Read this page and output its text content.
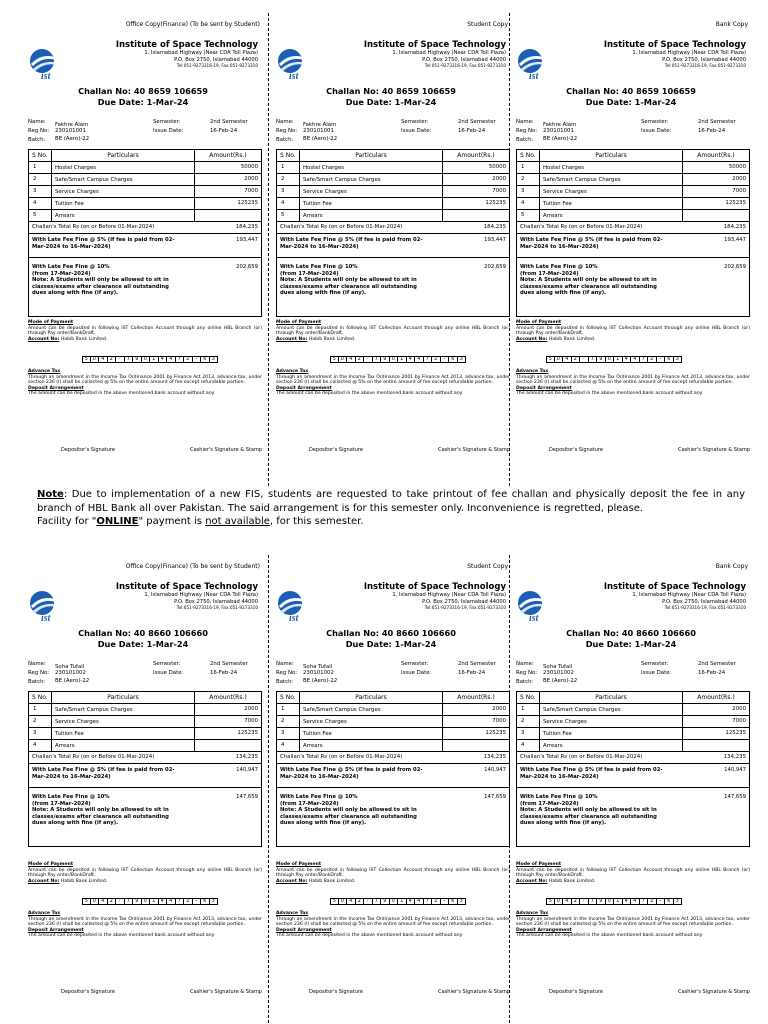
Office Copy(Finance) (To be sent by Student)
ist
Institute of Space Technology
1, Islamabad Highway (Near CDA Toll Plaza)
P.O. Box 2750, Islamabad 44000
Tel:051-9273316-19, Fax:051-9273310
Challan No: 40 8659 106659
Due Date: 1-Mar-24
Name: Fakhre Alam
Reg No: 230101001
Batch: BE (Aero)-22
Semester:	2nd Semester
Issue Date:	16-Feb-24
S No.	Particulars	Amount(Rs.)
1	Hostel Charges	50000
2	Safe/Smart Campus Charges	2000
3	Service Charges	7000
4	Tuition Fee	125235
5	Arrears
Challan's Total Rs (on or Before 01-Mar-2024)	184,235
With Late Fee Fine @ 5% (if fee is paid from 02-Mar-2024 to 16-Mar-2024)
193,447
With Late Fee Fine @ 10% (from 17-Mar-2024)
Note: A Students will only be allowed to sit in classes/exams after clearance all outstanding dues along with fine (if any).
202,659
Mode of Payment
Amount can be deposited in following IST Collection Account through any online HBL Branch (or) through Pay order/BankDraft.
Account No: Habib Bank Limited.
5	0	4	2	-	7	9	0	1	4	4	7	2	-	6	3
Advance Tax
Through an amendment in the Income Tax Ordinance 2001 by Finance Act 2013, advance tax, under section 236 (I) shall be collected @ 5% on the entire amount of fee except refundable portion.
Deposit Arrangement
The amount can be deposited in the above mentioned bank account without any
Depositor's Signature	Cashier's Signature & Stamp
Student Copy
ist
Institute of Space Technology
1, Islamabad Highway (Near CDA Toll Plaza)
P.O. Box 2750, Islamabad 44000
Tel:051-9273316-19, Fax:051-9273310
Challan No: 40 8659 106659
Due Date: 1-Mar-24
Name: Fakhre Alam
Reg No: 230101001
Batch: BE (Aero)-22
Semester:	2nd Semester
Issue Date:	16-Feb-24
S No.	Particulars	Amount(Rs.)
1	Hostel Charges	50000
2	Safe/Smart Campus Charges	2000
3	Service Charges	7000
4	Tuition Fee	125235
5	Arrears
Challan's Total Rs (on or Before 01-Mar-2024)	184,235
With Late Fee Fine @ 5% (if fee is paid from 02-Mar-2024 to 16-Mar-2024)
193,447
With Late Fee Fine @ 10% (from 17-Mar-2024)
Note: A Students will only be allowed to sit in classes/exams after clearance all outstanding dues along with fine (if any).
202,659
Mode of Payment
Amount can be deposited in following IST Collection Account through any online HBL Branch (or) through Pay order/BankDraft.
Account No: Habib Bank Limited.
5	0	4	2	-	7	9	0	1	4	4	7	2	-	6	3
Advance Tax
Through an amendment in the Income Tax Ordinance 2001 by Finance Act 2013, advance tax, under section 236 (I) shall be collected @ 5% on the entire amount of fee except refundable portion.
Deposit Arrangement
The amount can be deposited in the above mentioned bank account without any
Depositor's Signature	Cashier's Signature & Stamp
Bank Copy
ist
Institute of Space Technology
1, Islamabad Highway (Near CDA Toll Plaza)
P.O. Box 2750, Islamabad 44000
Tel:051-9273316-19, Fax:051-9273310
Challan No: 40 8659 106659
Due Date: 1-Mar-24
Name: Fakhre Alam
Reg No: 230101001
Batch: BE (Aero)-22
Semester:	2nd Semester
Issue Date:	16-Feb-24
S No.	Particulars	Amount(Rs.)
1	Hostel Charges	50000
2	Safe/Smart Campus Charges	2000
3	Service Charges	7000
4	Tuition Fee	125235
5	Arrears
Challan's Total Rs (on or Before 01-Mar-2024)	184,235
With Late Fee Fine @ 5% (if fee is paid from 02-Mar-2024 to 16-Mar-2024)
193,447
With Late Fee Fine @ 10% (from 17-Mar-2024)
Note: A Students will only be allowed to sit in classes/exams after clearance all outstanding dues along with fine (if any).
202,659
Mode of Payment
Amount can be deposited in following IST Collection Account through any online HBL Branch (or) through Pay order/BankDraft.
Account No: Habib Bank Limited.
5	0	4	2	-	7	9	0	1	4	4	7	2	-	6	3
Advance Tax
Through an amendment in the Income Tax Ordinance 2001 by Finance Act 2013, advance tax, under section 236 (I) shall be collected @ 5% on the entire amount of fee except refundable portion.
Deposit Arrangement
The amount can be deposited in the above mentioned bank account without any
Depositor's Signature	Cashier's Signature & Stamp
Office Copy(Finance) (To be sent by Student)
ist
Institute of Space Technology
1, Islamabad Highway (Near CDA Toll Plaza)
P.O. Box 2750, Islamabad 44000
Tel:051-9273316-19, Fax:051-9273310
Challan No: 40 8660 106660
Due Date: 1-Mar-24
Name: Soha Tufail
Reg No: 230101002
Batch: BE (Aero)-22
Semester:	2nd Semester
Issue Date:	16-Feb-24
S No.	Particulars	Amount(Rs.)
1	Safe/Smart Campus Charges	2000
2	Service Charges	7000
3	Tuition Fee	125235
4	Arrears
Challan's Total Rs (on or Before 01-Mar-2024)	134,235
With Late Fee Fine @ 5% (if fee is paid from 02-Mar-2024 to 16-Mar-2024)
140,947
With Late Fee Fine @ 10% (from 17-Mar-2024)
Note: A Students will only be allowed to sit in classes/exams after clearance all outstanding dues along with fine (if any).
147,659
Mode of Payment
Amount can be deposited in following IST Collection Account through any online HBL Branch (or) through Pay order/BankDraft.
Account No: Habib Bank Limited.
5	0	4	2	-	7	9	0	1	4	4	7	2	-	6	3
Advance Tax
Through an amendment in the Income Tax Ordinance 2001 by Finance Act 2013, advance tax, under section 236 (I) shall be collected @ 5% on the entire amount of fee except refundable portion.
Deposit Arrangement
The amount can be deposited in the above mentioned bank account without any
Depositor's Signature	Cashier's Signature & Stamp
Student Copy
ist
Institute of Space Technology
1, Islamabad Highway (Near CDA Toll Plaza)
P.O. Box 2750, Islamabad 44000
Tel:051-9273316-19, Fax:051-9273310
Challan No: 40 8660 106660
Due Date: 1-Mar-24
Name: Soha Tufail
Reg No: 230101002
Batch: BE (Aero)-22
Semester:	2nd Semester
Issue Date:	16-Feb-24
S No.	Particulars	Amount(Rs.)
1	Safe/Smart Campus Charges	2000
2	Service Charges	7000
3	Tuition Fee	125235
4	Arrears
Challan's Total Rs (on or Before 01-Mar-2024)	134,235
With Late Fee Fine @ 5% (if fee is paid from 02-Mar-2024 to 16-Mar-2024)
140,947
With Late Fee Fine @ 10% (from 17-Mar-2024)
Note: A Students will only be allowed to sit in classes/exams after clearance all outstanding dues along with fine (if any).
147,659
Mode of Payment
Amount can be deposited in following IST Collection Account through any online HBL Branch (or) through Pay order/BankDraft.
Account No: Habib Bank Limited.
5	0	4	2	-	7	9	0	1	4	4	7	2	-	6	3
Advance Tax
Through an amendment in the Income Tax Ordinance 2001 by Finance Act 2013, advance tax, under section 236 (I) shall be collected @ 5% on the entire amount of fee except refundable portion.
Deposit Arrangement
The amount can be deposited in the above mentioned bank account without any
Depositor's Signature	Cashier's Signature & Stamp
Bank Copy
ist
Institute of Space Technology
1, Islamabad Highway (Near CDA Toll Plaza)
P.O. Box 2750, Islamabad 44000
Tel:051-9273316-19, Fax:051-9273310
Challan No: 40 8660 106660
Due Date: 1-Mar-24
Name: Soha Tufail
Reg No: 230101002
Batch: BE (Aero)-22
Semester:	2nd Semester
Issue Date:	16-Feb-24
S No.	Particulars	Amount(Rs.)
1	Safe/Smart Campus Charges	2000
2	Service Charges	7000
3	Tuition Fee	125235
4	Arrears
Challan's Total Rs (on or Before 01-Mar-2024)	134,235
With Late Fee Fine @ 5% (if fee is paid from 02-Mar-2024 to 16-Mar-2024)
140,947
With Late Fee Fine @ 10% (from 17-Mar-2024)
Note: A Students will only be allowed to sit in classes/exams after clearance all outstanding dues along with fine (if any).
147,659
Mode of Payment
Amount can be deposited in following IST Collection Account through any online HBL Branch (or) through Pay order/BankDraft.
Account No: Habib Bank Limited.
5	0	4	2	-	7	9	0	1	4	4	7	2	-	6	3
Advance Tax
Through an amendment in the Income Tax Ordinance 2001 by Finance Act 2013, advance tax, under section 236 (I) shall be collected @ 5% on the entire amount of fee except refundable portion.
Deposit Arrangement
The amount can be deposited in the above mentioned bank account without any
Depositor's Signature	Cashier's Signature & Stamp
Note: Due to implementation of a new FIS, students are requested to take printout of fee challan and physically deposit the fee in any branch of HBL Bank all over Pakistan. The said arrangement is for this semester only. Inconvenience is regretted, please.
Facility for "ONLINE" payment is not available, for this semester.
